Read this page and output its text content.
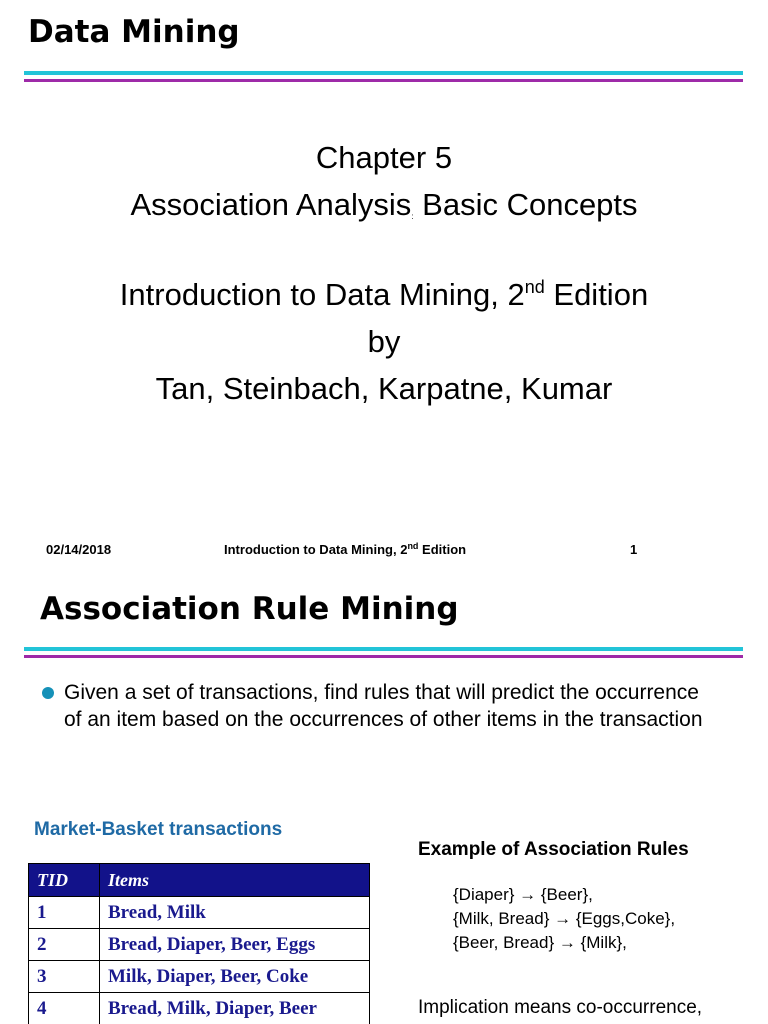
Data Mining
Chapter 5
Association Analysis: Basic Concepts
Introduction to Data Mining, 2nd Edition
by
Tan, Steinbach, Karpatne, Kumar
02/14/2018	Introduction to Data Mining, 2nd Edition	1
Association Rule Mining
Given a set of transactions, find rules that will predict the occurrence of an item based on the occurrences of other items in the transaction
Market-Basket transactions
TID	Items
1	Bread, Milk
2	Bread, Diaper, Beer, Eggs
3	Milk, Diaper, Beer, Coke
4	Bread, Milk, Diaper, Beer
Example of Association Rules
{Diaper} → {Beer},
{Milk, Bread} → {Eggs,Coke},
{Beer, Bread} → {Milk},
Implication means co-occurrence,
